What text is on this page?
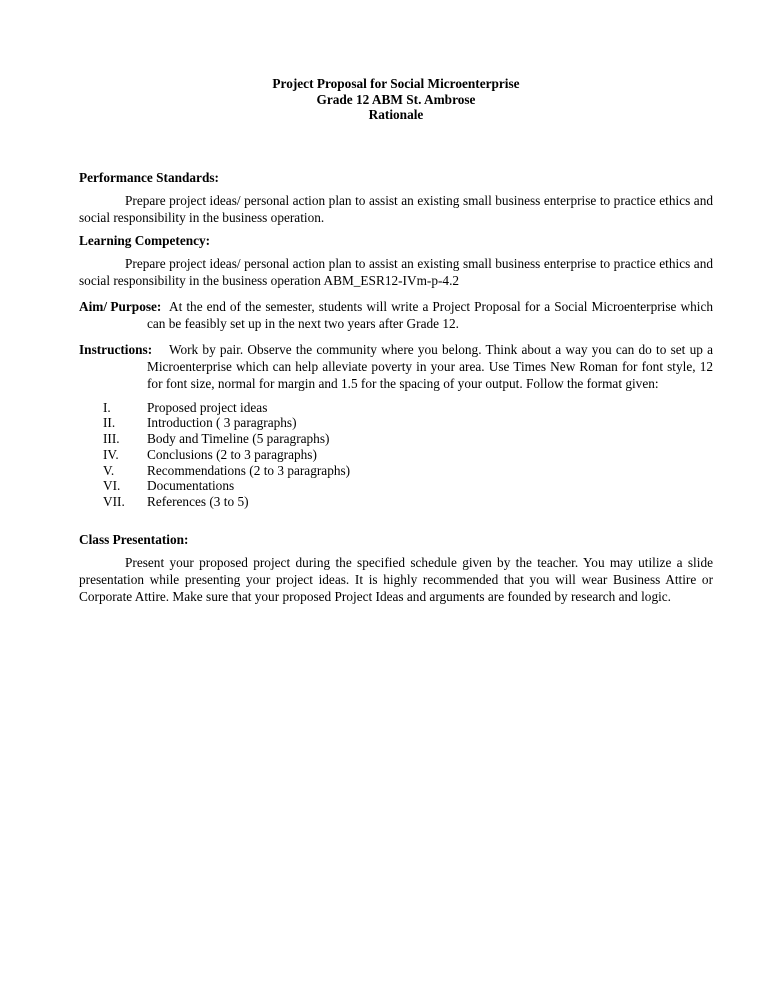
Project Proposal for Social Microenterprise
Grade 12 ABM St. Ambrose
Rationale
Performance Standards:
Prepare project ideas/ personal action plan to assist an existing small business enterprise to practice ethics and social responsibility in the business operation.
Learning Competency:
Prepare project ideas/ personal action plan to assist an existing small business enterprise to practice ethics and social responsibility in the business operation ABM_ESR12-IVm-p-4.2
Aim/ Purpose: At the end of the semester, students will write a Project Proposal for a Social Microenterprise which can be feasibly set up in the next two years after Grade 12.
Instructions:	Work by pair. Observe the community where you belong. Think about a way you can do to set up a Microenterprise which can help alleviate poverty in your area. Use Times New Roman for font style, 12 for font size, normal for margin and 1.5 for the spacing of your output. Follow the format given:
I.	Proposed project ideas
II. Introduction ( 3 paragraphs)
III. Body and Timeline (5 paragraphs)
IV. Conclusions (2 to 3 paragraphs)
V. Recommendations (2 to 3 paragraphs)
VI. Documentations
VII. References (3 to 5)
Class Presentation:
Present your proposed project during the specified schedule given by the teacher. You may utilize a slide presentation while presenting your project ideas. It is highly recommended that you will wear Business Attire or Corporate Attire. Make sure that your proposed Project Ideas and arguments are founded by research and logic.
